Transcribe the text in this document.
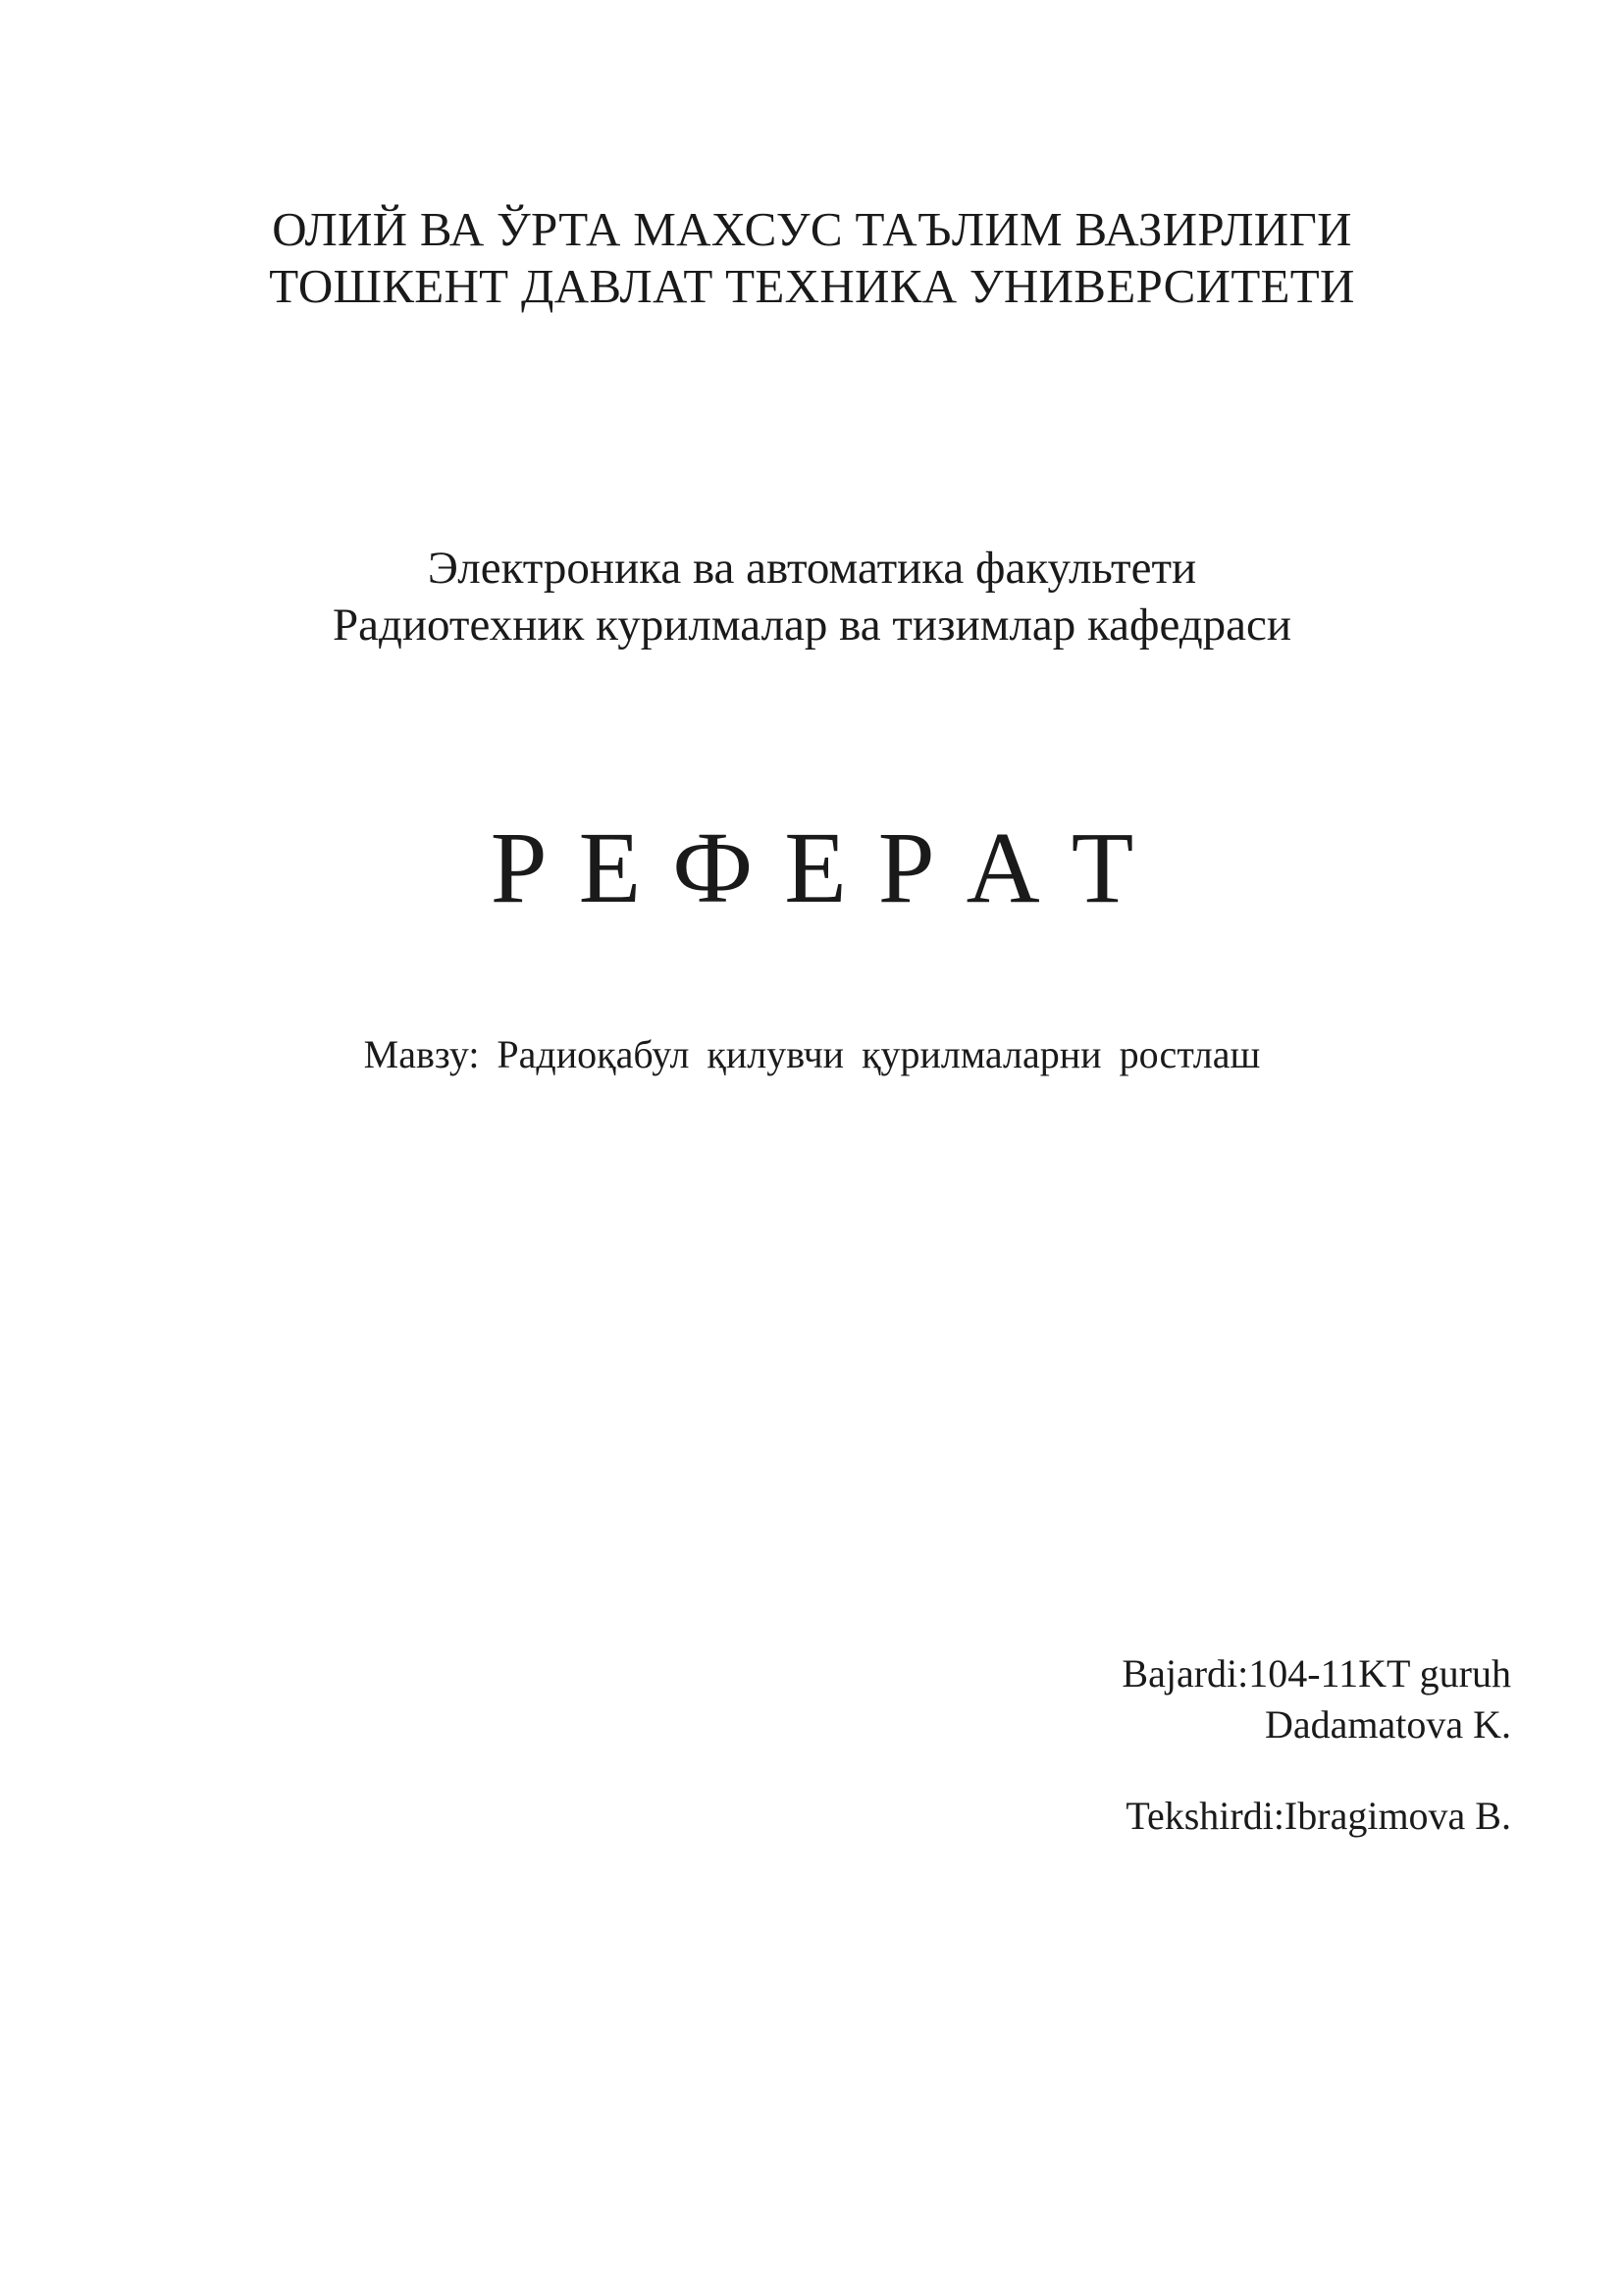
ОЛИЙ ВА ЎРТА МАХСУС ТАЪЛИМ ВАЗИРЛИГИ
ТОШКЕНТ ДАВЛАТ ТЕХНИКА УНИВЕРСИТЕТИ
Электроника ва автоматика факультети
Радиотехник курилмалар ва тизимлар кафедраси
Р Е Ф Е Р А Т
Мавзу: Радиоқабул қилувчи қурилмаларни ростлаш
Bajardi:104-11KT guruh
Dadamatova K.
Tekshirdi:Ibragimova B.
